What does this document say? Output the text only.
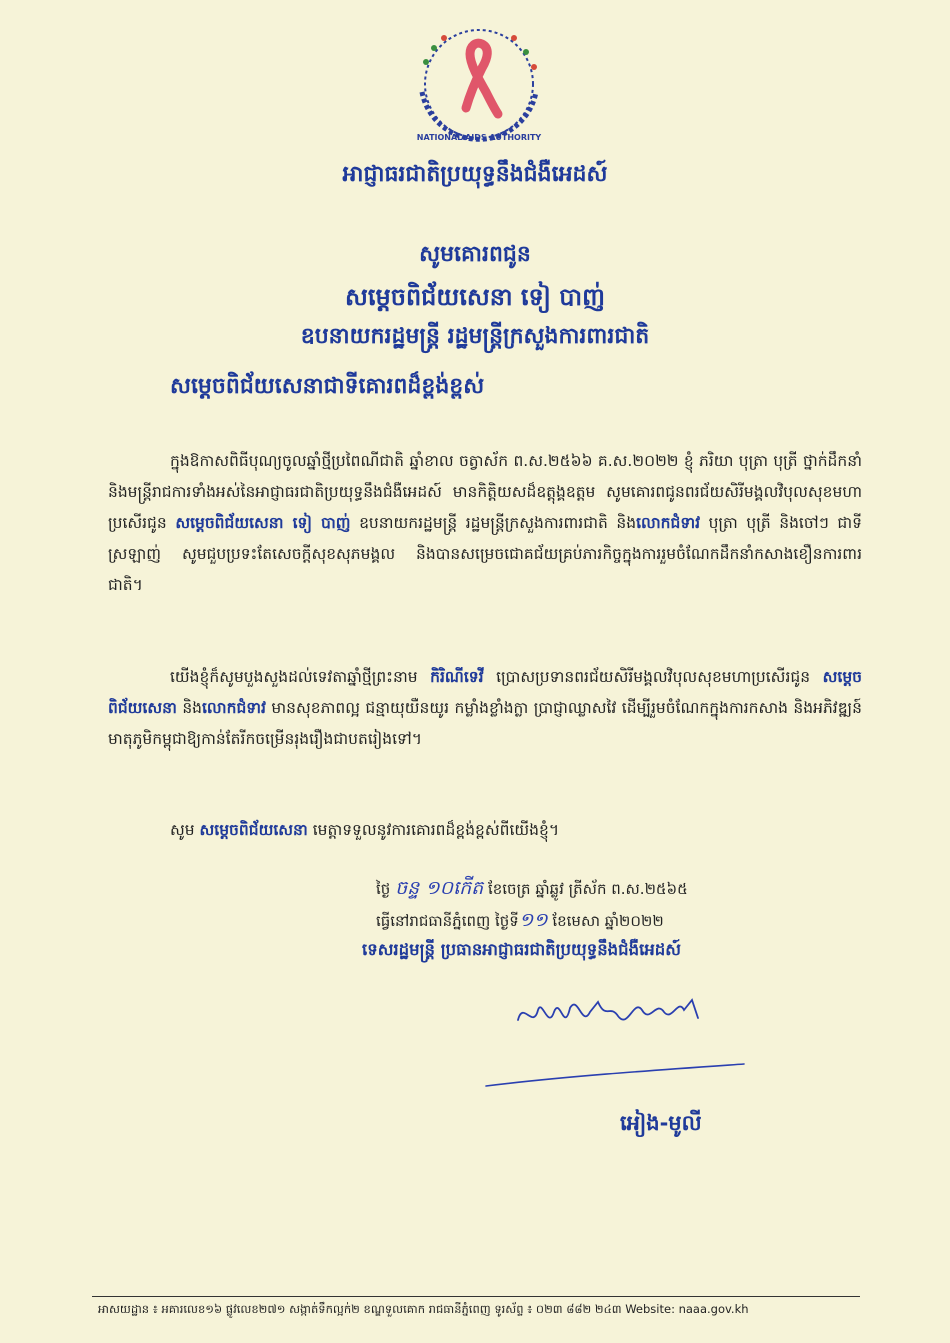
NATIONAL AIDS AUTHORITY
អាជ្ញាធរជាតិប្រយុទ្ធនឹងជំងឺអេដស៍
សូមគោរពជូន
សម្តេចពិជ័យសេនា ទៀ បាញ់
ឧបនាយករដ្ឋមន្ត្រី រដ្ឋមន្ត្រីក្រសួងការពារជាតិ
សម្តេចពិជ័យសេនាជាទីគោរពដ៏ខ្ពង់ខ្ពស់
ក្នុងឱកាសពិធីបុណ្យចូលឆ្នាំថ្មីប្រពៃណីជាតិ ឆ្នាំខាល ចត្វាស័ក ព.ស.២៥៦៦ គ.ស.២០២២ ខ្ញុំ ភរិយា បុត្រា បុត្រី ថ្នាក់ដឹកនាំ និងមន្ត្រីរាជការទាំងអស់នៃអាជ្ញាធរជាតិប្រយុទ្ធនឹងជំងឺអេដស៍ មានកិត្តិយសដ៏ឧត្តុង្គឧត្តម សូមគោរពជូនពរជ័យសិរីមង្គលវិបុលសុខមហាប្រសើរជូន សម្តេចពិជ័យសេនា ទៀ បាញ់ ឧបនាយករដ្ឋមន្ត្រី រដ្ឋមន្ត្រីក្រសួងការពារជាតិ និងលោកជំទាវ បុត្រា បុត្រី និងចៅៗ ជាទីស្រឡាញ់ សូមជួបប្រទះតែសេចក្តីសុខសុភមង្គល និងបានសម្រេចជោគជ័យគ្រប់ភារកិច្ចក្នុងការរួមចំណែកដឹកនាំកសាងខឿនការពារជាតិ។
យើងខ្ញុំក៏សូមបួងសួងដល់ទេវតាឆ្នាំថ្មីព្រះនាម កិរិណីទេវី ប្រោសប្រទានពរជ័យសិរីមង្គលវិបុលសុខមហាប្រសើរជូន សម្តេចពិជ័យសេនា និងលោកជំទាវ មានសុខភាពល្អ ជន្មាយុយឺនយូរ កម្លាំងខ្លាំងក្លា ប្រាជ្ញាឈ្លាសវៃ ដើម្បីរួមចំណែកក្នុងការកសាង និងអភិវឌ្ឍន៍មាតុភូមិកម្ពុជាឱ្យកាន់តែរីកចម្រើនរុងរឿងជាបតរៀងទៅ។
សូម សម្តេចពិជ័យសេនា មេត្តាទទួលនូវការគោរពដ៏ខ្ពង់ខ្ពស់ពីយើងខ្ញុំ។
ថ្ងៃ ចន្ទ ១០កើត ខែចេត្រ ឆ្នាំឆ្លូវ ត្រីស័ក ព.ស.២៥៦៥
ធ្វើនៅរាជធានីភ្នំពេញ ថ្ងៃទី១១ ខែមេសា ឆ្នាំ២០២២
ទេសរដ្ឋមន្ត្រី ប្រធានអាជ្ញាធរជាតិប្រយុទ្ធនឹងជំងឺអេដស៍
អៀង-មូលី
អាសយដ្ឋាន ៖ អគារលេខ១៦ ផ្លូវលេខ២៧១ សង្កាត់ទឹកល្អក់២ ខណ្ឌទួលគោក រាជធានីភ្នំពេញ ទូរស័ព្ទ ៖ ០២៣ ៨៨២ ២៤៣ Website: naaa.gov.kh
